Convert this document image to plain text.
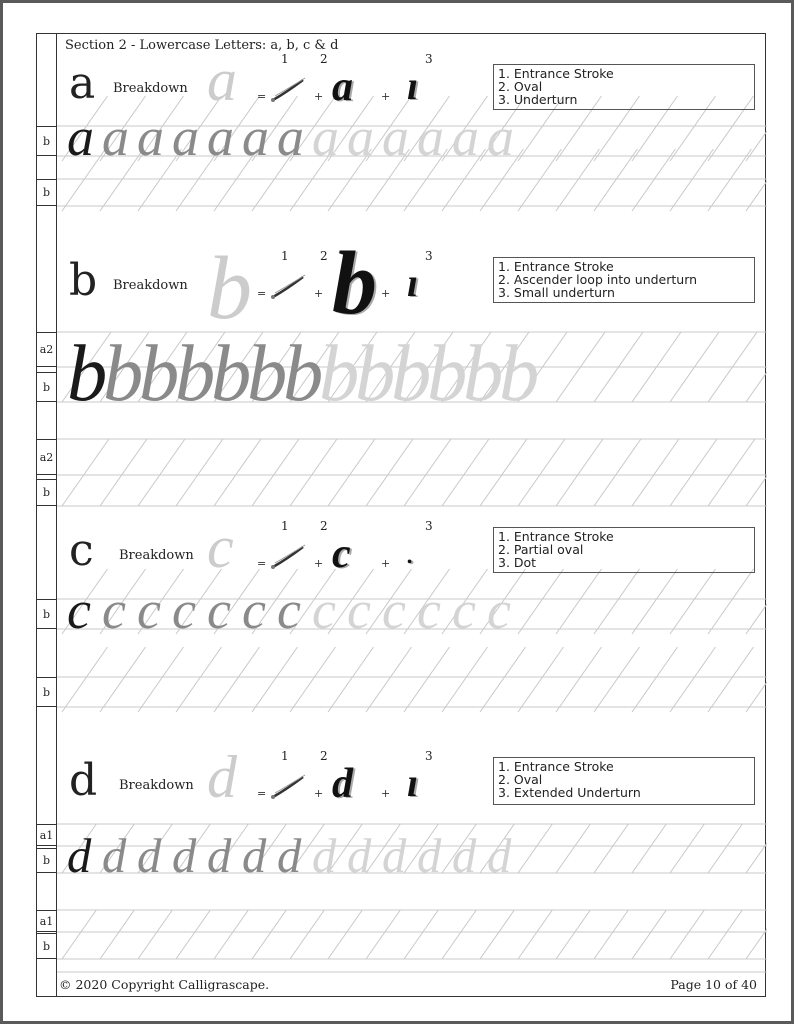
b
b
a2
b
a2
b
b
b
a1
b
a1
b
Section 2 - Lowercase Letters: a, b, c & d
a Breakdown a =
1
+
2
a	+
3
ı	1. Entrance Stroke
2. Oval
3. Underturn
a a a a a a a a a a a a a
b Breakdown b =
1
+
2 b +
3
ı	1. Entrance Stroke
2. Ascender loop into underturn
3. Small underturn
bbbbbbbbbbbbb
c Breakdown c =
1
+
2
c	+
3
•
1. Entrance Stroke
2. Partial oval
3. Dot
c c c c c c c c c c c c c
d Breakdown d =
1
+
2
d	+
3
ı	1. Entrance Stroke
2. Oval
3. Extended Underturn
d d d d d d d d d d d d d
© 2020 Copyright Calligrascape.	Page 10 of 40
